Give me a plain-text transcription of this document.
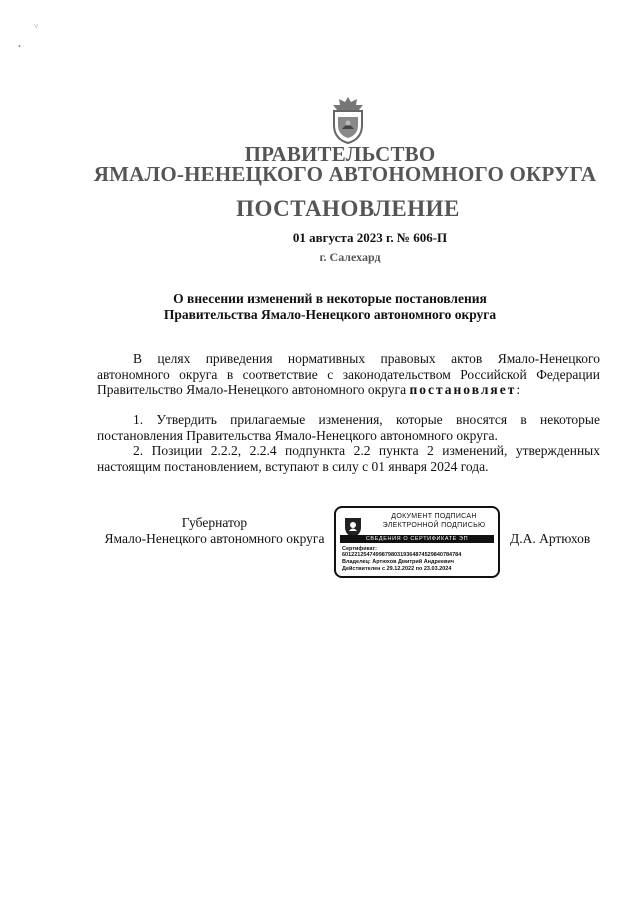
˅
•
ПРАВИТЕЛЬСТВО
ЯМАЛО-НЕНЕЦКОГО АВТОНОМНОГО ОКРУГА
ПОСТАНОВЛЕНИЕ
01 августа 2023 г. № 606-П
г. Салехард
О внесении изменений в некоторые постановления
Правительства Ямало-Ненецкого автономного округа
В целях приведения нормативных правовых актов Ямало-Ненецкого автономного округа в соответствие с законодательством Российской Федерации Правительство Ямало-Ненецкого автономного округа постановляет:
1. Утвердить прилагаемые изменения, которые вносятся в некоторые постановления Правительства Ямало-Ненецкого автономного округа.
2. Позиции 2.2.2, 2.2.4 подпункта 2.2 пункта 2 изменений, утвержденных настоящим постановлением, вступают в силу с 01 января 2024 года.
Губернатор
Ямало-Ненецкого автономного округа
ДОКУМЕНТ ПОДПИСАН
ЭЛЕКТРОННОЙ ПОДПИСЬЮ
СВЕДЕНИЯ О СЕРТИФИКАТЕ ЭП
Сертификат:
601221254749987980319364874529840784784
Владелец: Артюхов Дмитрий Андреевич
Действителен с 29.12.2022 по 23.03.2024
Д.А. Артюхов
